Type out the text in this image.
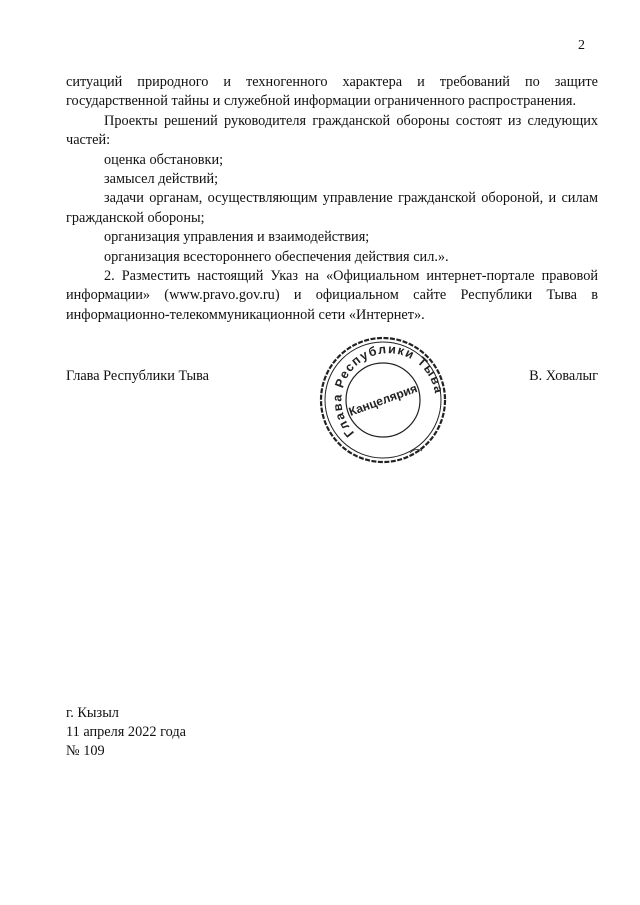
2

ситуаций природного и техногенного характера и требований по защите государственной тайны и служебной информации ограниченного распространения.

Проекты решений руководителя гражданской обороны состоят из следующих частей:

оценка обстановки;

замысел действий;

задачи органам, осуществляющим управление гражданской обороной, и силам гражданской обороны;

организация управления и взаимодействия;

организация всестороннего обеспечения действия сил.».

2. Разместить настоящий Указ на «Официальном интернет-портале правовой информации» (www.pravo.gov.ru) и официальном сайте Республики Тыва в информационно-телекоммуникационной сети «Интернет».

Глава Республики Тыва	В. Ховалыг
Глава Республики Тыва
Канцелярия
г. Кызыл
11 апреля 2022 года
№ 109
